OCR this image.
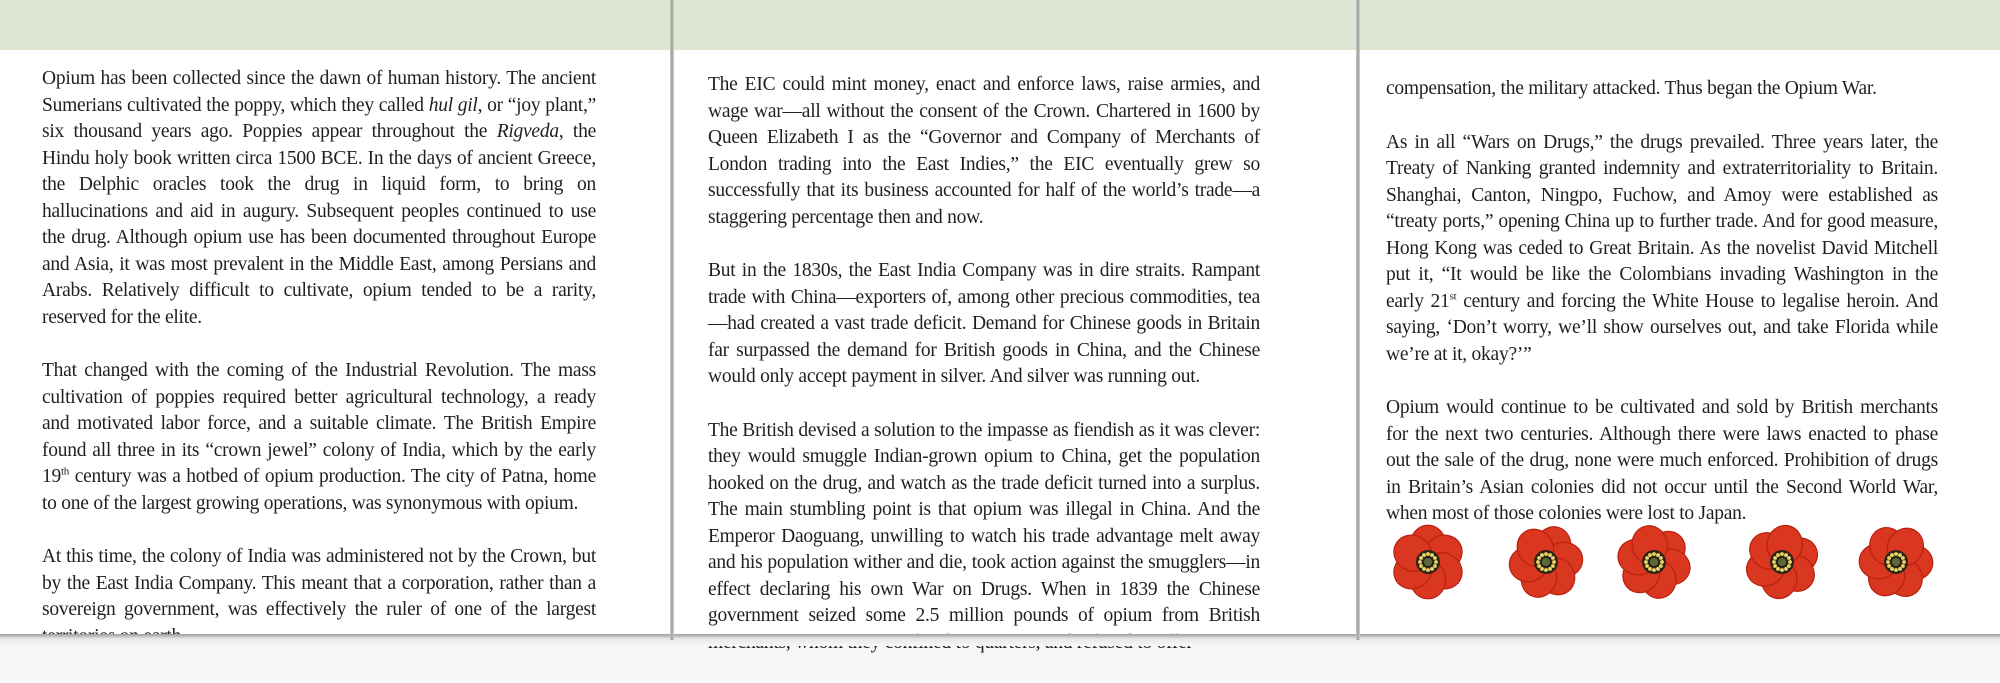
Opium has been collected since the dawn of human history. The ancient Sumerians cultivated the poppy, which they called hul gil, or “joy plant,” six thousand years ago. Poppies appear throughout the Rigveda, the Hindu holy book written circa 1500 BCE. In the days of ancient Greece, the Delphic oracles took the drug in liquid form, to bring on hallucinations and aid in augury. Subsequent peoples continued to use the drug. Although opium use has been documented throughout Europe and Asia, it was most prevalent in the Middle East, among Persians and Arabs. Relatively difficult to cultivate, opium tended to be a rarity, reserved for the elite.

That changed with the coming of the Industrial Revolution. The mass cultivation of poppies required better agricultural technology, a ready and motivated labor force, and a suitable climate. The British Empire found all three in its “crown jewel” colony of India, which by the early 19th century was a hotbed of opium production. The city of Patna, home to one of the largest growing operations, was synonymous with opium.

At this time, the colony of India was administered not by the Crown, but by the East India Company. This meant that a corporation, rather than a sovereign government, was effectively the ruler of one of the largest

The EIC could mint money, enact and enforce laws, raise armies, and wage war—all without the consent of the Crown. Chartered in 1600 by Queen Elizabeth I as the “Governor and Company of Merchants of London trading into the East Indies,” the EIC eventually grew so successfully that its business accounted for half of the world’s trade—a staggering percentage then and now.

But in the 1830s, the East India Company was in dire straits. Rampant trade with China—exporters of, among other precious commodities, tea—had created a vast trade deficit. Demand for Chinese goods in Britain far surpassed the demand for British goods in China, and the Chinese would only accept payment in silver. And silver was running out.

The British devised a solution to the impasse as fiendish as it was clever: they would smuggle Indian-grown opium to China, get the population hooked on the drug, and watch as the trade deficit turned into a surplus. The main stumbling point is that opium was illegal in China. And the Emperor Daoguang, unwilling to watch his trade advantage melt away and his population wither and die, took action against the smugglers—in effect declaring his own War on Drugs. When in 1839 the Chinese government seized some 2.5 million pounds of opium from British

compensation, the military attacked. Thus began the Opium War.

As in all “Wars on Drugs,” the drugs prevailed. Three years later, the Treaty of Nanking granted indemnity and extraterritoriality to Britain. Shanghai, Canton, Ningpo, Fuchow, and Amoy were established as “treaty ports,” opening China up to further trade. And for good measure, Hong Kong was ceded to Great Britain. As the novelist David Mitchell put it, “It would be like the Colombians invading Washington in the early 21st century and forcing the White House to legalise heroin. And saying, ‘Don’t worry, we’ll show ourselves out, and take Florida while we’re at it, okay?’”

Opium would continue to be cultivated and sold by British merchants for the next two centuries. Although there were laws enacted to phase out the sale of the drug, none were much enforced. Prohibition of drugs in Britain’s Asian colonies did not occur until the Second World War, when most of those colonies were lost to Japan.
